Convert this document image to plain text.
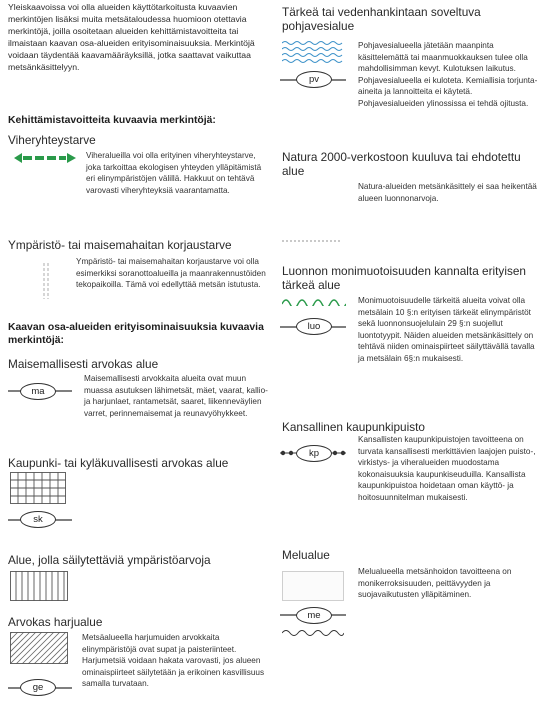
Yleiskaavoissa voi olla alueiden käyttötarkoitusta kuvaavien merkintöjen lisäksi muita metsätaloudessa huomioon otettavia merkintöjä, joilla osoitetaan alueiden kehittämistavoitteita tai ilmaistaan kaavan osa-alueiden erityisominaisuuksia. Merkintöjä voidaan täydentää kaavamääräyksillä, jotka saattavat vaikuttaa metsänkäsittelyyn.
Kehittämistavoitteita kuvaavia merkintöjä:
Viheryhteystarve
Viheralueilla voi olla erityinen viheryhteystarve, joka tarkoittaa ekologisen yhteyden ylläpitämistä eri elinympäristöjen välillä. Hakkuut on tehtävä varovasti viheryhteyksiä vaarantamatta.
Ympäristö- tai maisemahaitan korjaustarve
Ympäristö- tai maisemahaitan korjaustarve voi olla esimerkiksi soranottoalueilla ja maanrakennustöiden tekopaikoilla. Tämä voi edellyttää metsän istutusta.
Kaavan osa-alueiden erityisominaisuuksia kuvaavia merkintöjä:
Maisemallisesti arvokas alue
ma
Maisemallisesti arvokkaita alueita ovat muun muassa asutuksen lähimetsät, mäet, vaarat, kallio- ja harjunlaet, rantametsät, saaret, liikenneväylien varret, perinnemaisemat ja reunavyöhykkeet.
Kaupunki- tai kyläkuvallisesti arvokas alue
sk
Alue, jolla säilytettäviä ympäristöarvoja
Arvokas harjualue
ge
Metsäalueella harjumuiden arvokkaita elinympäristöjä ovat supat ja paisteriinteet. Harjumetsiä voidaan hakata varovasti, jos alueen ominaispiirteet säilytetään ja erikoinen kasvillisuus samalla turvataan.
Tärkeä tai vedenhankintaan soveltuva pohjavesialue
pv
Pohjavesialueella jätetään maanpinta käsittelemättä tai maanmuokkauksen tulee olla mahdollisimman kevyt. Kulotuksen laikutus. Pohjavesialueella ei kuloteta. Kemiallisia torjunta-aineita ja lannoitteita ei käytetä. Pohjavesialueiden ylinossissa ei tehdä ojitusta.
Natura 2000-verkostoon kuuluva tai ehdotettu alue
Natura-alueiden metsänkäsittely ei saa heikentää alueen luonnonarvoja.
Luonnon monimuotoisuuden kannalta erityisen tärkeä alue
luo
Monimuotoisuudelle tärkeitä alueita voivat olla metsälain 10 §:n erityisen tärkeät elinympäristöt sekä luonnonsuojelulain 29 §:n suojellut luontotyypit. Näiden alueiden metsänkäsittely on tehtävä niiden ominaispiirteet säilyttävällä tavalla ja metsälain 6§:n mukaisesti.
Kansallinen kaupunkipuisto
kp
Kansallisten kaupunkipuistojen tavoitteena on turvata kansallisesti merkittävien laajojen puisto-, virkistys- ja viheralueiden muodostama kokonaisuuksia kaupunkiseuduilla. Kansallista kaupunkipuistoa hoidetaan oman käyttö- ja hoitosuunnitelman mukaisesti.
Melualue
me
Melualueella metsänhoidon tavoitteena on monikerroksisuuden, peittävyyden ja suojavaikutusten ylläpitäminen.
